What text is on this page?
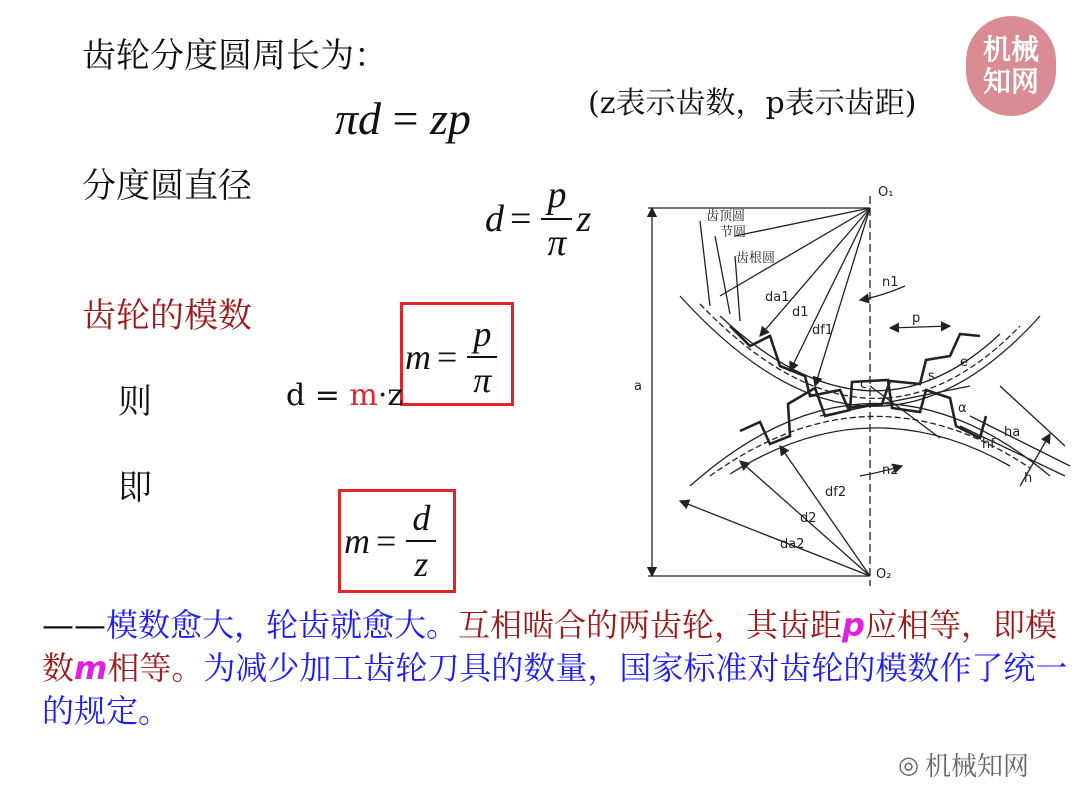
齿轮分度圆周长为：
πd = zp	(z表示齿数，p表示齿距)
机械
知网
分度圆直径
$d = \frac{p}{\pi}$ z
齿轮的模数
$m = \frac{p}{\pi}$
则	d = m·z
即
$m = \frac{d}{z}$
O₁
O₂
齿顶圆
节圆
齿根圆
da1
d1
df1
n1
n2
p
s
e
c
α
hf
ha
h
a
df2
d2
da2
——模数愈大，轮齿就愈大。互相啮合的两齿轮，其齿距p应相等，即模数m相等。为减少加工齿轮刀具的数量，国家标准对齿轮的模数作了统一的规定。
◎ 机械知网
